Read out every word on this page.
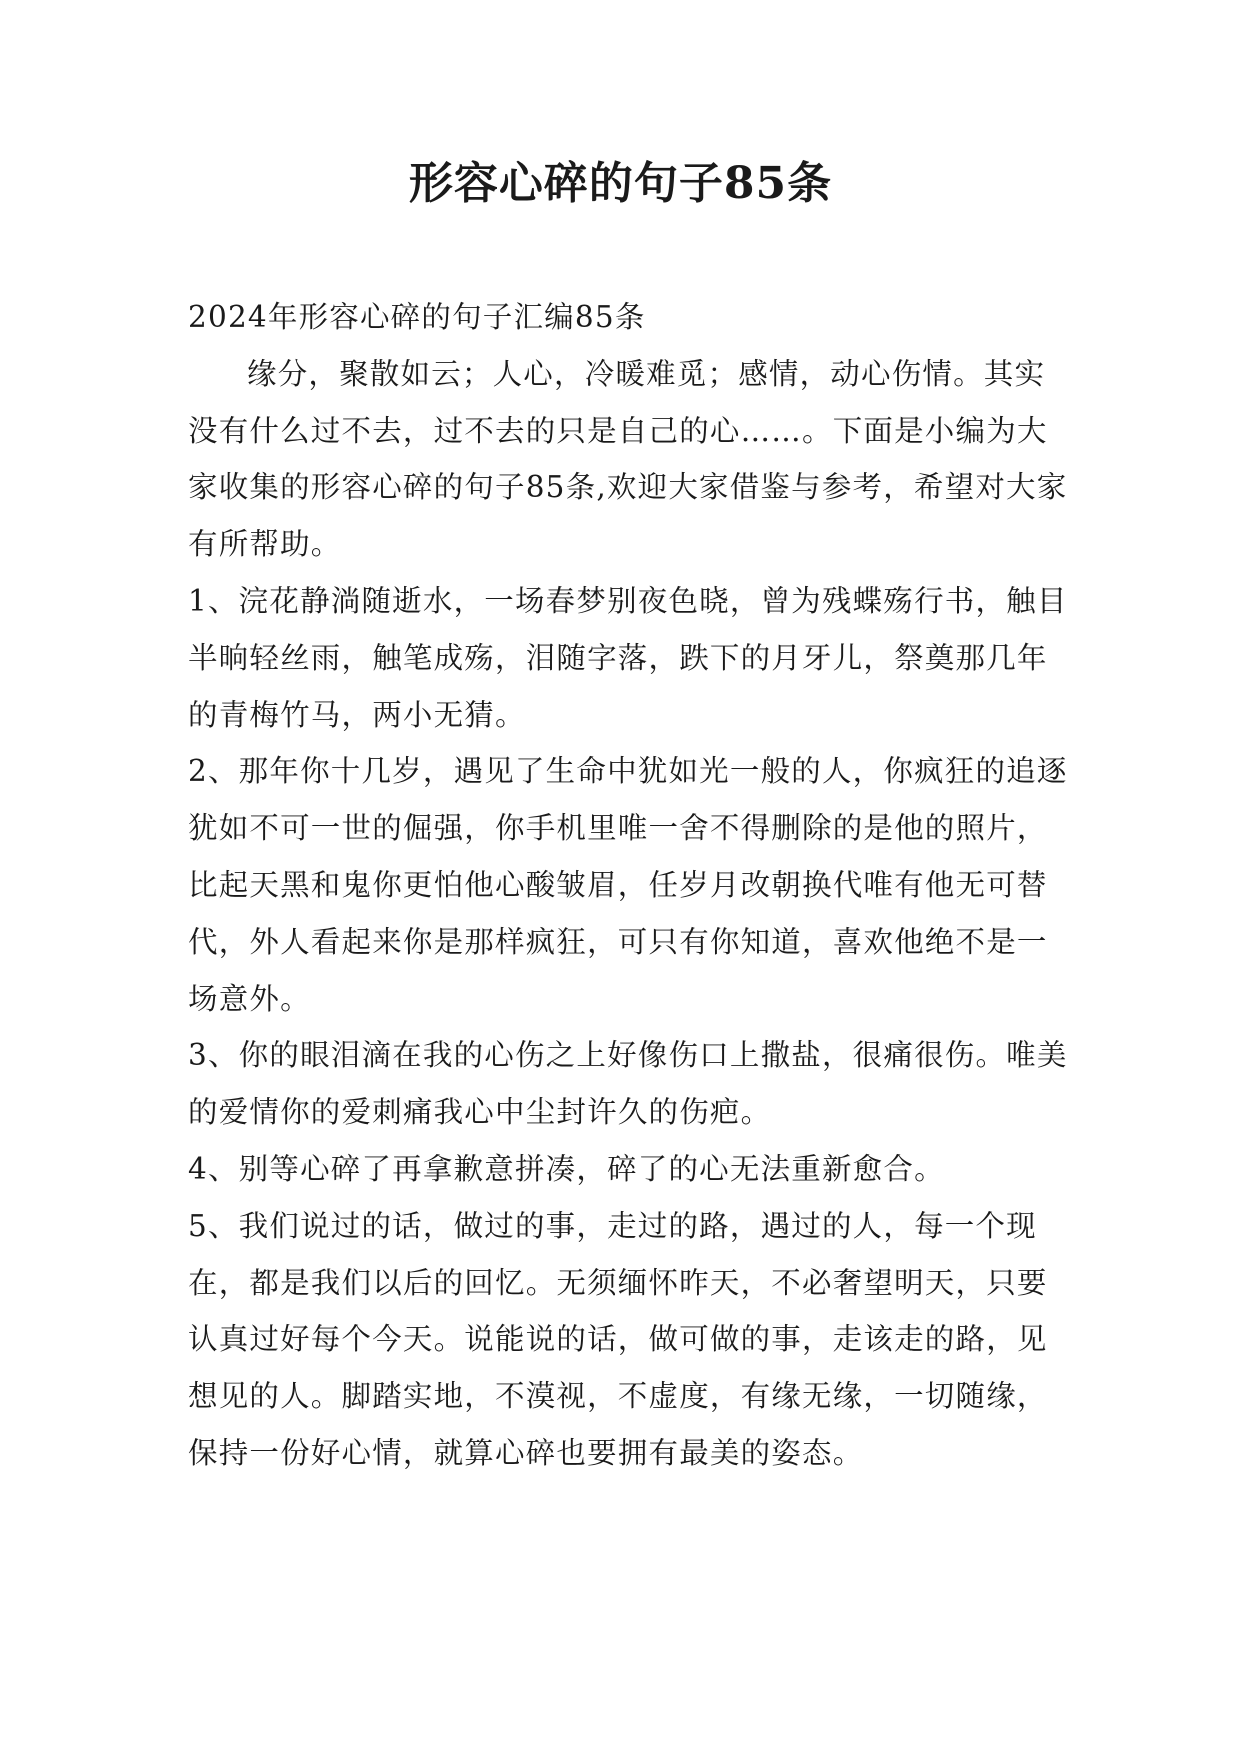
形容心碎的句子85条

2024年形容心碎的句子汇编85条

缘分，聚散如云；人心，冷暖难觅；感情，动心伤情。其实没有什么过不去，过不去的只是自己的心……。下面是小编为大家收集的形容心碎的句子85条,欢迎大家借鉴与参考，希望对大家有所帮助。

1、浣花静淌随逝水，一场春梦别夜色晓，曾为残蝶殇行书，触目半晌轻丝雨，触笔成殇，泪随字落，跌下的月牙儿，祭奠那几年的青梅竹马，两小无猜。

2、那年你十几岁，遇见了生命中犹如光一般的人，你疯狂的追逐犹如不可一世的倔强，你手机里唯一舍不得删除的是他的照片，比起天黑和鬼你更怕他心酸皱眉，任岁月改朝换代唯有他无可替代，外人看起来你是那样疯狂，可只有你知道，喜欢他绝不是一场意外。

3、你的眼泪滴在我的心伤之上好像伤口上撒盐，很痛很伤。唯美的爱情你的爱刺痛我心中尘封许久的伤疤。

4、别等心碎了再拿歉意拼凑，碎了的心无法重新愈合。

5、我们说过的话，做过的事，走过的路，遇过的人，每一个现在，都是我们以后的回忆。无须缅怀昨天，不必奢望明天，只要认真过好每个今天。说能说的话，做可做的事，走该走的路，见想见的人。脚踏实地，不漠视，不虚度，有缘无缘，一切随缘，保持一份好心情，就算心碎也要拥有最美的姿态。
